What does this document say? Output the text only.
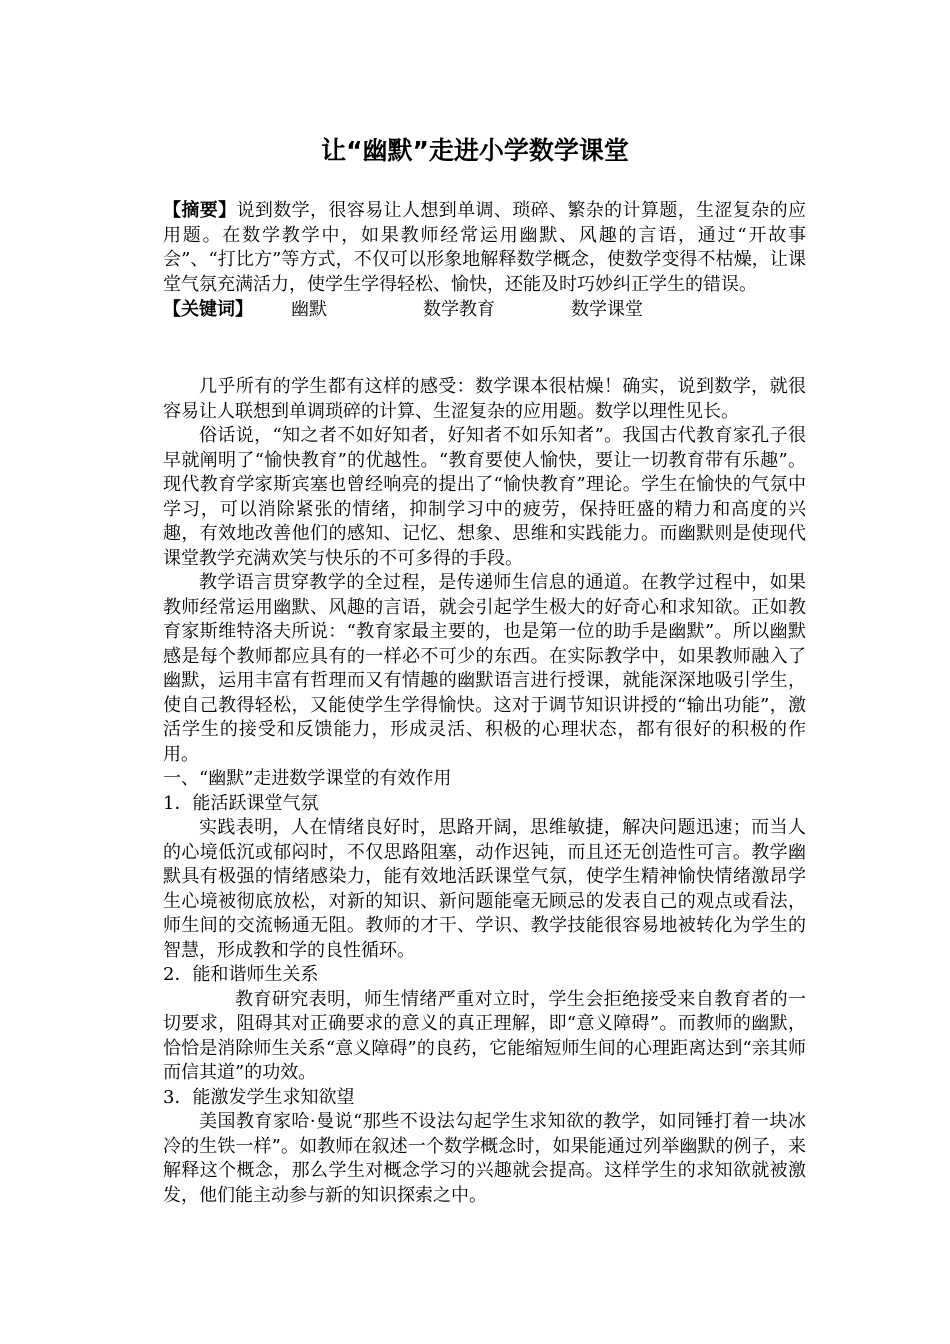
让“幽默”走进小学数学课堂
【摘要】说到数学，很容易让人想到单调、琐碎、繁杂的计算题，生涩复杂的应用题。在数学教学中，如果教师经常运用幽默、风趣的言语，通过“开故事会”、“打比方”等方式，不仅可以形象地解释数学概念，使数学变得不枯燥，让课堂气氛充满活力，使学生学得轻松、愉快，还能及时巧妙纠正学生的错误。
【关键词】 幽默	数学教育	数学课堂

几乎所有的学生都有这样的感受：数学课本很枯燥！确实，说到数学，就很容易让人联想到单调琐碎的计算、生涩复杂的应用题。数学以理性见长。

俗话说，“知之者不如好知者，好知者不如乐知者”。我国古代教育家孔子很早就阐明了“愉快教育”的优越性。“教育要使人愉快，要让一切教育带有乐趣”。现代教育学家斯宾塞也曾经响亮的提出了“愉快教育”理论。学生在愉快的气氛中学习，可以消除紧张的情绪，抑制学习中的疲劳，保持旺盛的精力和高度的兴趣，有效地改善他们的感知、记忆、想象、思维和实践能力。而幽默则是使现代课堂教学充满欢笑与快乐的不可多得的手段。

教学语言贯穿教学的全过程，是传递师生信息的通道。在教学过程中，如果教师经常运用幽默、风趣的言语，就会引起学生极大的好奇心和求知欲。正如教育家斯维特洛夫所说：“教育家最主要的，也是第一位的助手是幽默”。所以幽默感是每个教师都应具有的一样必不可少的东西。在实际教学中，如果教师融入了幽默，运用丰富有哲理而又有情趣的幽默语言进行授课，就能深深地吸引学生，使自己教得轻松，又能使学生学得愉快。这对于调节知识讲授的“输出功能”，激活学生的接受和反馈能力，形成灵活、积极的心理状态，都有很好的积极的作用。

一、“幽默”走进数学课堂的有效作用
1．能活跃课堂气氛

实践表明，人在情绪良好时，思路开阔，思维敏捷，解决问题迅速；而当人的心境低沉或郁闷时，不仅思路阻塞，动作迟钝，而且还无创造性可言。教学幽默具有极强的情绪感染力，能有效地活跃课堂气氛，使学生精神愉快情绪激昂学生心境被彻底放松，对新的知识、新问题能毫无顾忌的发表自己的观点或看法，师生间的交流畅通无阻。教师的才干、学识、教学技能很容易地被转化为学生的智慧，形成教和学的良性循环。

2．能和谐师生关系

教育研究表明，师生情绪严重对立时，学生会拒绝接受来自教育者的一切要求，阻碍其对正确要求的意义的真正理解，即“意义障碍”。而教师的幽默，恰恰是消除师生关系“意义障碍”的良药，它能缩短师生间的心理距离达到“亲其师而信其道”的功效。

3．能激发学生求知欲望

美国教育家哈·曼说“那些不设法勾起学生求知欲的教学，如同锤打着一块冰冷的生铁一样”。如教师在叙述一个数学概念时，如果能通过列举幽默的例子，来解释这个概念，那么学生对概念学习的兴趣就会提高。这样学生的求知欲就被激发，他们能主动参与新的知识探索之中。
